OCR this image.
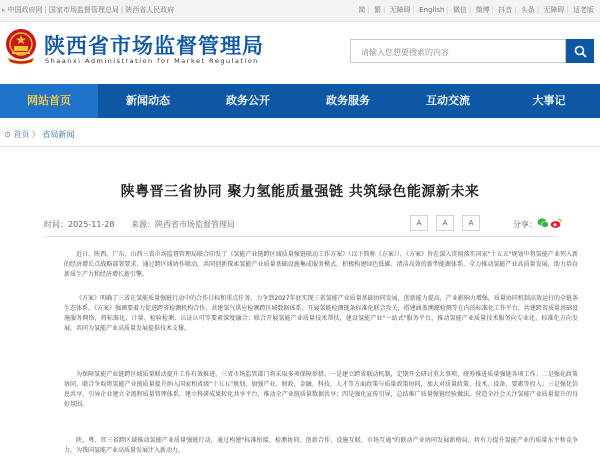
▸ 中国政府网 | 国家市场监督管理总局 | 陕西省人民政府	简 | 繁 | 无障碍 | English | 微信 | 微博 | 抖音 | 头条 | 无障碍 | 适老版
陕西省市场监督管理局
Shaanxi Administration for Market Regulation
请输入您想要搜索的内容
网站首页	新闻动态	政务公开	政务服务	互动交流	大事记
⊙ 首页 》 省局新闻
陕粤晋三省协同 聚力氢能质量强链 共筑绿色能源新未来
时间：2025-11-28 来源：陕西省市场监督管理局	A	A	A	分享：
近日，陕西、广东、山西三省市场监督管理局联合印发了《氢能产业链跨区域质量强链联动工作方案》（以下简称《方案》）。《方案》旨在深入贯彻落实国家"十五五"规划中将氢能产业列入新的经济增长点战略部署要求，通过跨区域协作联动，共同创新探索氢能产业质量基础设施集成服务模式，积极构建绿色低碳、清洁高效的新型能源体系，全力推动氢能产业高质量发展，助力培育新质生产力和经济增长新引擎。
《方案》明确了三省在氢能质量强链行动中的合作目标和重点任务。力争到2027年底实现三省氢能产业质量基础协同发展，创新能力提高，产业影响力增强，质量协同机制高效运行的全链条生态体系。《方案》强调要着力促进跨省检测机构合作，共建氢气供应检测跨区域数据体系；开展氢能检测链条标准化联合攻关，搭建涵盖溯源检测等在内的标准化工作平台，共建跨省质量基础设施服务网络，将标准化、计量、检验检测、认证认可等要素深度融合；联合开展氢能产业质量技术帮扶，建设氢能产业"一站式"服务平台，推动氢能产业质量技术服务向专业化、标准化方向发展，共同为氢能产业高质量发展提供技术支撑。
为保障氢能产业链跨区域质量联动提升工作有效推进，三省市场监管部门将采取多项保障举措，一是建立跨省联动机制，定期开会研讨重大事项，统筹推进质量强链各项工作；二是强化政策协同，联合争取将氢能产业链质量提升纳入国家和省级"十五五"规划，加强产业、财政、金融、科技、人才等方面政策与质量政策协同，加大对质量政策、技术、设备、要素等投入；三是强化信息共享，引导企业建立全流程质量管理体系，建立科研成果转化共享平台，推动全产业链质量数据共享；四是强化宣传引导，总结推广质量强链经验做法，营造全社会关注氢能产业质量提升的良好氛围。
陕、粤、晋三省跨区域推动氢能产业质量强链行动，通过构建"标准衔接、检测协同、创新合作、设施互联、市场互通"的联动产业协同发展新格局，将有力提升氢能产业的质量水平和竞争力，为我国氢能产业高质量发展注入新动力。
